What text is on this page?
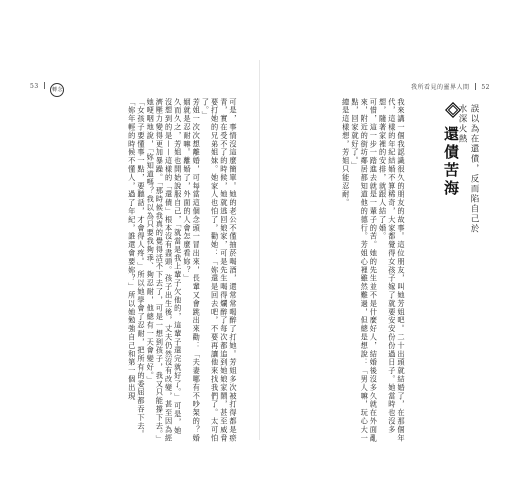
53	轉念
可是，事情沒這麼簡單。她的老公不僅抽菸喝酒，還常常喝醉了打她。芳姐多次被打得都是瘀青，實在受不了的時候，她就逃回娘家，可是先生喝得爛醉了每次都追到她娘家鬧，甚至威脅要打她的兄弟姐妹。她家人也怕了，勸她：「妳還是回去吧，不要再讓他來找我們了。太可怕了。」
芳姐一次次想離婚，可每當這個念頭一冒出來，長輩又會跳出來勸：「夫妻哪有不吵架的？婚姻就是忍耐嘛。離婚了，外面的人會怎麼看妳？」
久而久之，芳姐也開始說服自己，「就當是我上輩子欠他的，這輩子還完就好了。」可是，她沒想到的是——這樣的「還債」根本沒有盡頭。孩子出生後，丈夫仍然沒有改變，甚至因為經濟壓力變得更加暴躁。「那時候我真的覺得活不下去了，可是一想到孩子，我又只能撐下去。」她哽咽地說，「妳知道嗎？我以為只要我夠乖、夠忍耐，他總有一天會變好。」
「女孩子要懂事一點，要聽話，才會得人疼。」所以她學會了忍耐，把所有的委屈都吞下去。
「妳年輕的時候不懂人，過了年紀，誰還會要妳？」所以她勉強自己和第一個出現
我所看見的靈界人間 52
還債苦海	誤以為在還債，反而陷自己於水深火熱
我來講一個我認識很久的朋友的故事。這位朋友，叫她芳姐吧。二十出頭就結婚了，在那個年代，這樣的年紀結婚不算稀奇，大家都覺得女孩子嫁了就要安安份份過日子。她當時也沒多想，隨著家裡的安排，就跟人結了婚。
可惜，這一步一踏進去就是一輩子的苦。她的先生並不是什麼好人，結婚後沒多久就在外面亂來，附近的街坊鄰居都知道他的德行。芳姐心裡雖然難過，但總是想說：「男人嘛，玩心大一點，回家就好了。」
總是這樣想，芳姐只能忍耐。
